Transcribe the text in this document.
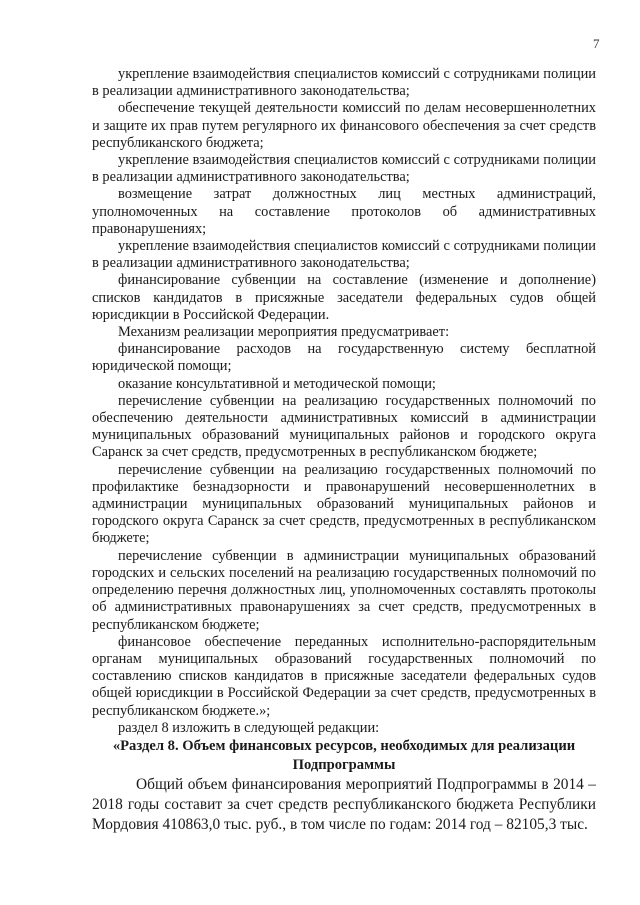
7

укрепление взаимодействия специалистов комиссий с сотрудниками полиции в реализации административного законодательства;

обеспечение текущей деятельности комиссий по делам несовершеннолетних и защите их прав путем регулярного их финансового обеспечения за счет средств республиканского бюджета;

укрепление взаимодействия специалистов комиссий с сотрудниками полиции в реализации административного законодательства;

возмещение затрат должностных лиц местных администраций, уполномоченных на составление протоколов об административных правонарушениях;

укрепление взаимодействия специалистов комиссий с сотрудниками полиции в реализации административного законодательства;

финансирование субвенции на составление (изменение и дополнение) списков кандидатов в присяжные заседатели федеральных судов общей юрисдикции в Российской Федерации.

Механизм реализации мероприятия предусматривает:

финансирование расходов на государственную систему бесплатной юридической помощи;

оказание консультативной и методической помощи;

перечисление субвенции на реализацию государственных полномочий по обеспечению деятельности административных комиссий в администрации муниципальных образований муниципальных районов и городского округа Саранск за счет средств, предусмотренных в республиканском бюджете;

перечисление субвенции на реализацию государственных полномочий по профилактике безнадзорности и правонарушений несовершеннолетних в администрации муниципальных образований муниципальных районов и городского округа Саранск за счет средств, предусмотренных в республиканском бюджете;

перечисление субвенции в администрации муниципальных образований городских и сельских поселений на реализацию государственных полномочий по определению перечня должностных лиц, уполномоченных составлять протоколы об административных правонарушениях за счет средств, предусмотренных в республиканском бюджете;

финансовое обеспечение переданных исполнительно-распорядительным органам муниципальных образований государственных полномочий по составлению списков кандидатов в присяжные заседатели федеральных судов общей юрисдикции в Российской Федерации за счет средств, предусмотренных в республиканском бюджете.»;

раздел 8 изложить в следующей редакции:

«Раздел 8. Объем финансовых ресурсов, необходимых для реализации
Подпрограммы

Общий объем финансирования мероприятий Подпрограммы в 2014 – 2018 годы составит за счет средств республиканского бюджета Республики Мордовия 410863,0 тыс. руб., в том числе по годам: 2014 год – 82105,3 тыс.
